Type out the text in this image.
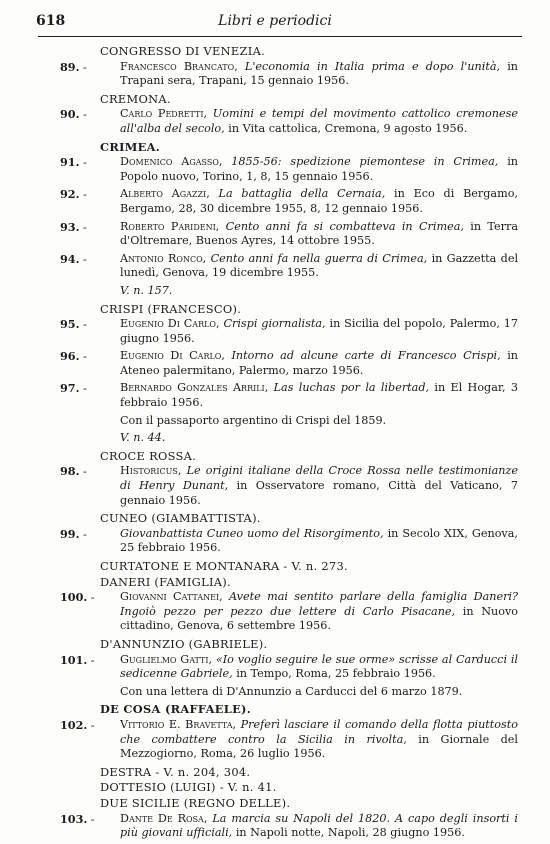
618	Libri e periodici
CONGRESSO DI VENEZIA.
89. -	Francesco Brancato, L'economia in Italia prima e dopo l'unità, in Trapani sera, Trapani, 15 gennaio 1956.
CREMONA.
90. -	Carlo Pedretti, Uomini e tempi del movimento cattolico cremonese all'alba del secolo, in Vita cattolica, Cremona, 9 agosto 1956.
CRIMEA.
91. -	Domenico Agasso, 1855-56: spedizione piemontese in Crimea, in Popolo nuovo, Torino, 1, 8, 15 gennaio 1956.
92. -	Alberto Agazzi, La battaglia della Cernaia, in Eco di Bergamo, Bergamo, 28, 30 dicembre 1955, 8, 12 gennaio 1956.
93. -	Roberto Parideni, Cento anni fa si combatteva in Crimea, in Terra d'Oltremare, Buenos Ayres, 14 ottobre 1955.
94. -	Antonio Ronco, Cento anni fa nella guerra di Crimea, in Gazzetta del lunedì, Genova, 19 dicembre 1955.
V. n. 157.
CRISPI (FRANCESCO).
95. -	Eugenio Di Carlo, Crispi giornalista, in Sicilia del popolo, Palermo, 17 giugno 1956.
96. -	Eugenio Di Carlo, Intorno ad alcune carte di Francesco Crispi, in Ateneo palermitano, Palermo, marzo 1956.
97. -	Bernardo Gonzales Arrili, Las luchas por la libertad, in El Hogar, 3 febbraio 1956.
Con il passaporto argentino di Crispi del 1859.
V. n. 44.
CROCE ROSSA.
98. -	Historicus, Le origini italiane della Croce Rossa nelle testimonianze di Henry Dunant, in Osservatore romano, Città del Vaticano, 7 gennaio 1956.
CUNEO (GIAMBATTISTA).
99. -	Giovanbattista Cuneo uomo del Risorgimento, in Secolo XIX, Genova, 25 febbraio 1956.
CURTATONE E MONTANARA - V. n. 273.
DANERI (FAMIGLIA).
100. -	Giovanni Cattanei, Avete mai sentito parlare della famiglia Daneri? Ingoiò pezzo per pezzo due lettere di Carlo Pisacane, in Nuovo cittadino, Genova, 6 settembre 1956.
D'ANNUNZIO (GABRIELE).
101. -	Guglielmo Gatti, «Io voglio seguire le sue orme» scrisse al Carducci il sedicenne Gabriele, in Tempo, Roma, 25 febbraio 1956.
Con una lettera di D'Annunzio a Carducci del 6 marzo 1879.
DE COSA (RAFFAELE).
102. -	Vittorio E. Bravetta, Preferì lasciare il comando della flotta piuttosto che combattere contro la Sicilia in rivolta, in Giornale del Mezzogiorno, Roma, 26 luglio 1956.
DESTRA - V. n. 204, 304.
DOTTESIO (LUIGI) - V. n. 41.
DUE SICILIE (REGNO DELLE).
103. -	Dante De Rosa, La marcia su Napoli del 1820. A capo degli insorti i più giovani ufficiali, in Napoli notte, Napoli, 28 giugno 1956.
